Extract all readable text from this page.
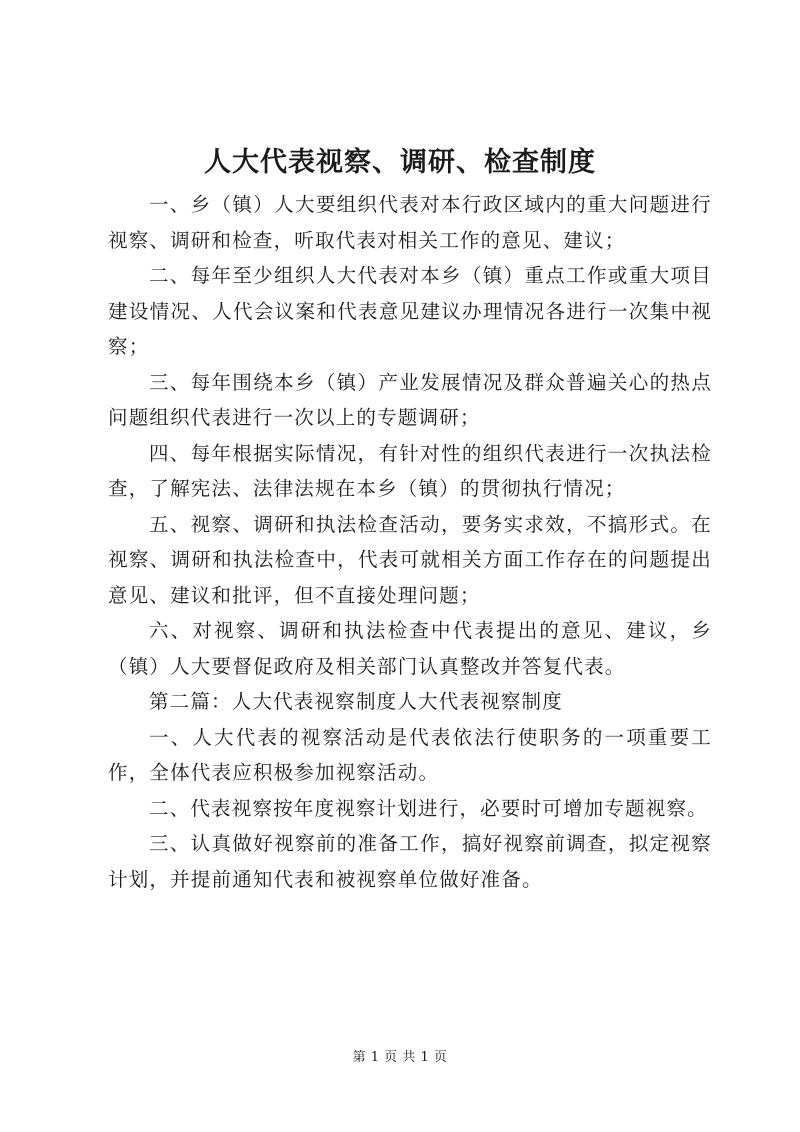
人大代表视察、调研、检查制度

一、乡（镇）人大要组织代表对本行政区域内的重大问题进行视察、调研和检查，听取代表对相关工作的意见、建议；

二、每年至少组织人大代表对本乡（镇）重点工作或重大项目建设情况、人代会议案和代表意见建议办理情况各进行一次集中视察；

三、每年围绕本乡（镇）产业发展情况及群众普遍关心的热点问题组织代表进行一次以上的专题调研；

四、每年根据实际情况，有针对性的组织代表进行一次执法检查，了解宪法、法律法规在本乡（镇）的贯彻执行情况；

五、视察、调研和执法检查活动，要务实求效，不搞形式。在视察、调研和执法检查中，代表可就相关方面工作存在的问题提出意见、建议和批评，但不直接处理问题；

六、对视察、调研和执法检查中代表提出的意见、建议，乡（镇）人大要督促政府及相关部门认真整改并答复代表。

第二篇：人大代表视察制度人大代表视察制度

一、人大代表的视察活动是代表依法行使职务的一项重要工作，全体代表应积极参加视察活动。

二、代表视察按年度视察计划进行，必要时可增加专题视察。

三、认真做好视察前的准备工作，搞好视察前调查，拟定视察计划，并提前通知代表和被视察单位做好准备。

第 1 页 共 1 页
